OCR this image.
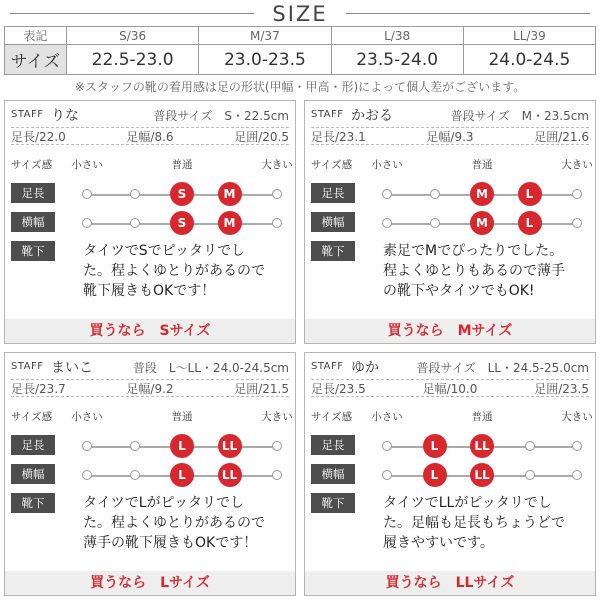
SIZE
表記	S/36	M/37	L/38	LL/39
サイズ	22.5-23.0	23.0-23.5	23.5-24.0	24.0-24.5
※スタッフの靴の着用感は足の形状(甲幅・甲高・形)によって個人差がございます。
STAFF りな	普段サイズ　S・22.5cm
足長/22.0	足幅/8.6	足囲/20.5
サイズ感 小さい	普通	大きい
足長	S	M
横幅	S	M
靴下	タイツでSでピッタリでし
た。程よくゆとりがあるので
靴下履きもOKです！
買うなら　Sサイズ
STAFF かおる	普段サイズ　M・23.5cm
足長/23.1	足幅/9.3	足囲/21.6
サイズ感 小さい	普通	大きい
足長	M	L
横幅	M	L
靴下	素足でMでぴったりでした。
程よくゆとりもあるので薄手
の靴下やタイツでもOK!
買うなら　Mサイズ
STAFF まいこ	普段　L〜LL・24.0-24.5cm
足長/23.7	足幅/9.2	足囲/21.5
サイズ感 小さい	普通	大きい
足長	L	LL
横幅	L	LL
靴下	タイツでLがピッタリでし
た。程よくゆとりがあるので
薄手の靴下履きもOKです！
買うなら　Lサイズ
STAFF ゆか	普段サイズ　LL・24.5-25.0cm
足長/23.5	足幅/10.0	足囲/23.5
サイズ感 小さい	普通	大きい
足長	L	LL
横幅	L	LL
靴下	タイツでLLがピッタリでし
た。足幅も足長もちょうどで
履きやすいです。
買うなら　LLサイズ
